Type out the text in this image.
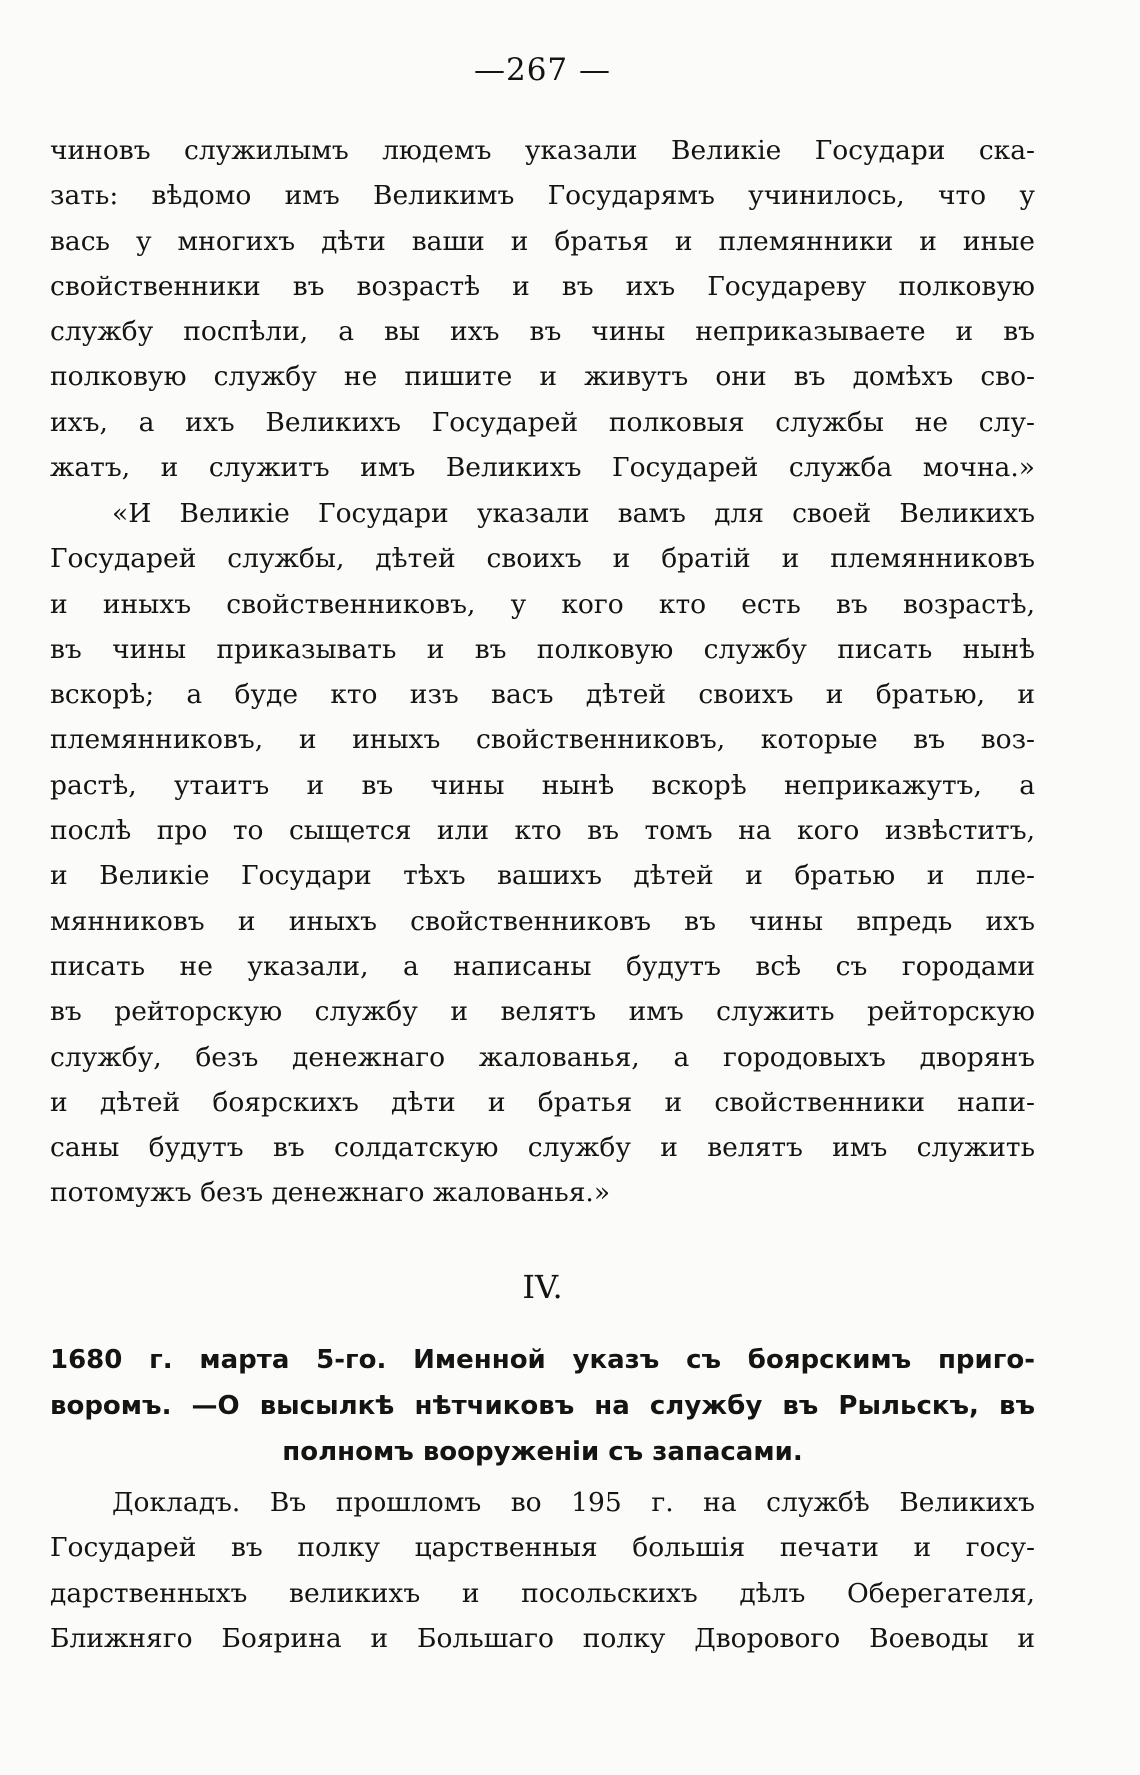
—267 —
чиновъ служилымъ людемъ указали Великіе Государи ска-
зать: вѣдомо имъ Великимъ Государямъ учинилось, что у
вась у многихъ дѣти ваши и братья и племянники и иные
свойственники въ возрастѣ и въ ихъ Государеву полковую
службу поспѣли, а вы ихъ въ чины неприказываете и въ
полковую службу не пишите и живутъ они въ домѣхъ сво-
ихъ, а ихъ Великихъ Государей полковыя службы не слу-
жатъ, и служитъ имъ Великихъ Государей служба мочна.»
«И Великіе Государи указали вамъ для своей Великихъ
Государей службы, дѣтей своихъ и братій и племянниковъ
и иныхъ свойственниковъ, у кого кто есть въ возрастѣ,
въ чины приказывать и въ полковую службу писать нынѣ
вскорѣ; а буде кто изъ васъ дѣтей своихъ и братью, и
племянниковъ, и иныхъ свойственниковъ, которые въ воз-
растѣ, утаитъ и въ чины нынѣ вскорѣ неприкажутъ, а
послѣ про то сыщется или кто въ томъ на кого извѣститъ,
и Великіе Государи тѣхъ вашихъ дѣтей и братью и пле-
мянниковъ и иныхъ свойственниковъ въ чины впредь ихъ
писать не указали, а написаны будутъ всѣ съ городами
въ рейторскую службу и велятъ имъ служить рейторскую
службу, безъ денежнаго жалованья, а городовыхъ дворянъ
и дѣтей боярскихъ дѣти и братья и свойственники напи-
саны будутъ въ солдатскую службу и велятъ имъ служить
потомужъ безъ денежнаго жалованья.»
IV.
1680 г. марта 5-го. Именной указъ съ боярскимъ приго-
воромъ. —О высылкѣ нѣтчиковъ на службу въ Рыльскъ, въ
полномъ вооруженіи съ запасами.
Докладъ. Въ прошломъ во 195 г. на службѣ Великихъ
Государей въ полку царственныя большія печати и госу-
дарственныхъ великихъ и посольскихъ дѣлъ Оберегателя,
Ближняго Боярина и Большаго полку Дворового Воеводы и
